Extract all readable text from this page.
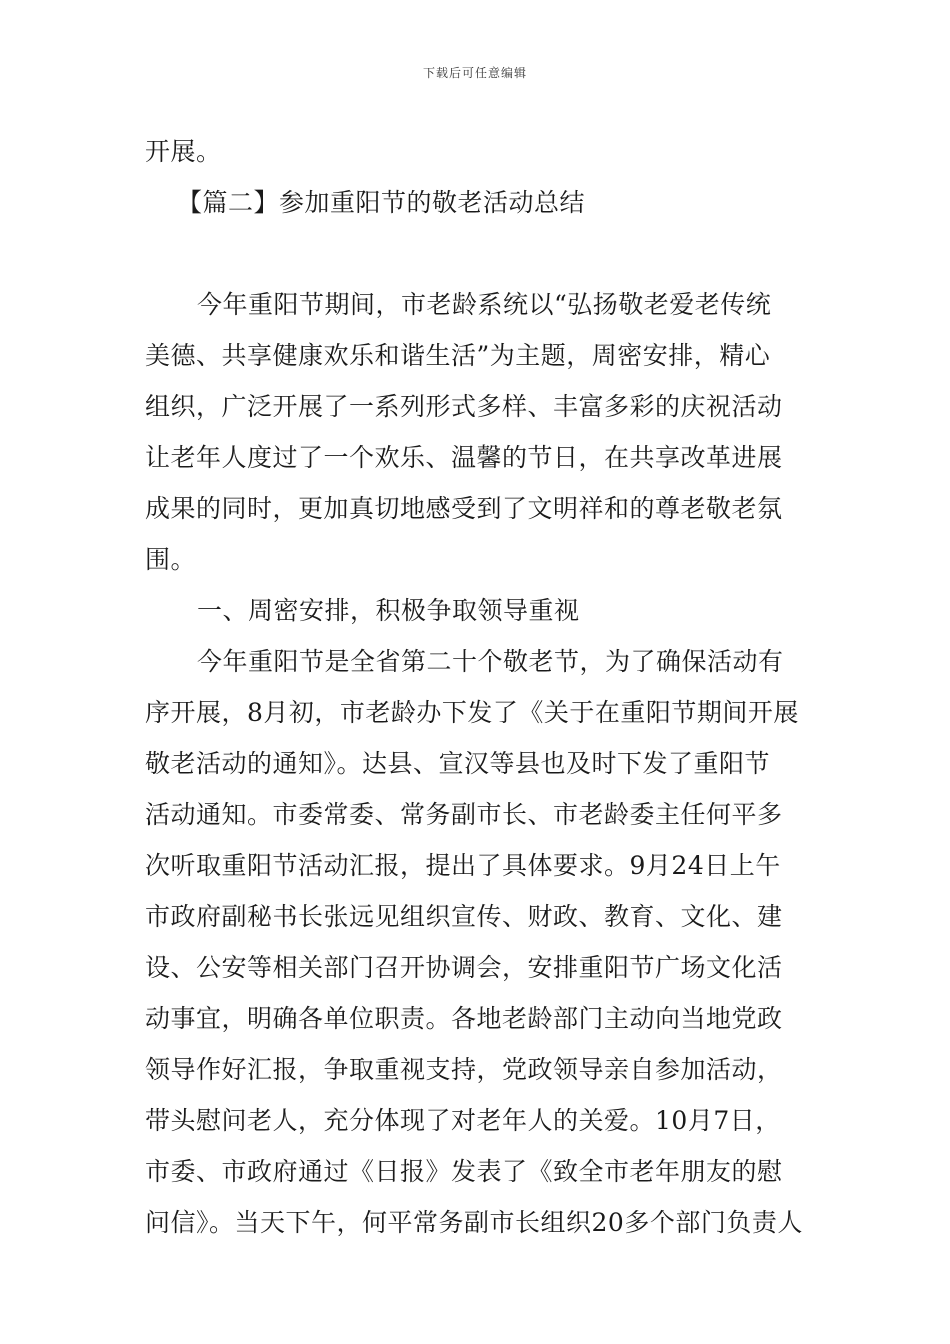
下载后可任意编辑
开展。
【篇二】参加重阳节的敬老活动总结
今年重阳节期间，市老龄系统以“弘扬敬老爱老传统
美德、共享健康欢乐和谐生活”为主题，周密安排，精心
组织，广泛开展了一系列形式多样、丰富多彩的庆祝活动
让老年人度过了一个欢乐、温馨的节日，在共享改革进展
成果的同时，更加真切地感受到了文明祥和的尊老敬老氛
围。
一、周密安排，积极争取领导重视
今年重阳节是全省第二十个敬老节，为了确保活动有
序开展，8月初，市老龄办下发了《关于在重阳节期间开展
敬老活动的通知》。达县、宣汉等县也及时下发了重阳节
活动通知。市委常委、常务副市长、市老龄委主任何平多
次听取重阳节活动汇报，提出了具体要求。9月24日上午
市政府副秘书长张远见组织宣传、财政、教育、文化、建
设、公安等相关部门召开协调会，安排重阳节广场文化活
动事宜，明确各单位职责。各地老龄部门主动向当地党政
领导作好汇报，争取重视支持，党政领导亲自参加活动，
带头慰问老人，充分体现了对老年人的关爱。10月7日，
市委、市政府通过《日报》发表了《致全市老年朋友的慰
问信》。当天下午，何平常务副市长组织20多个部门负责人
